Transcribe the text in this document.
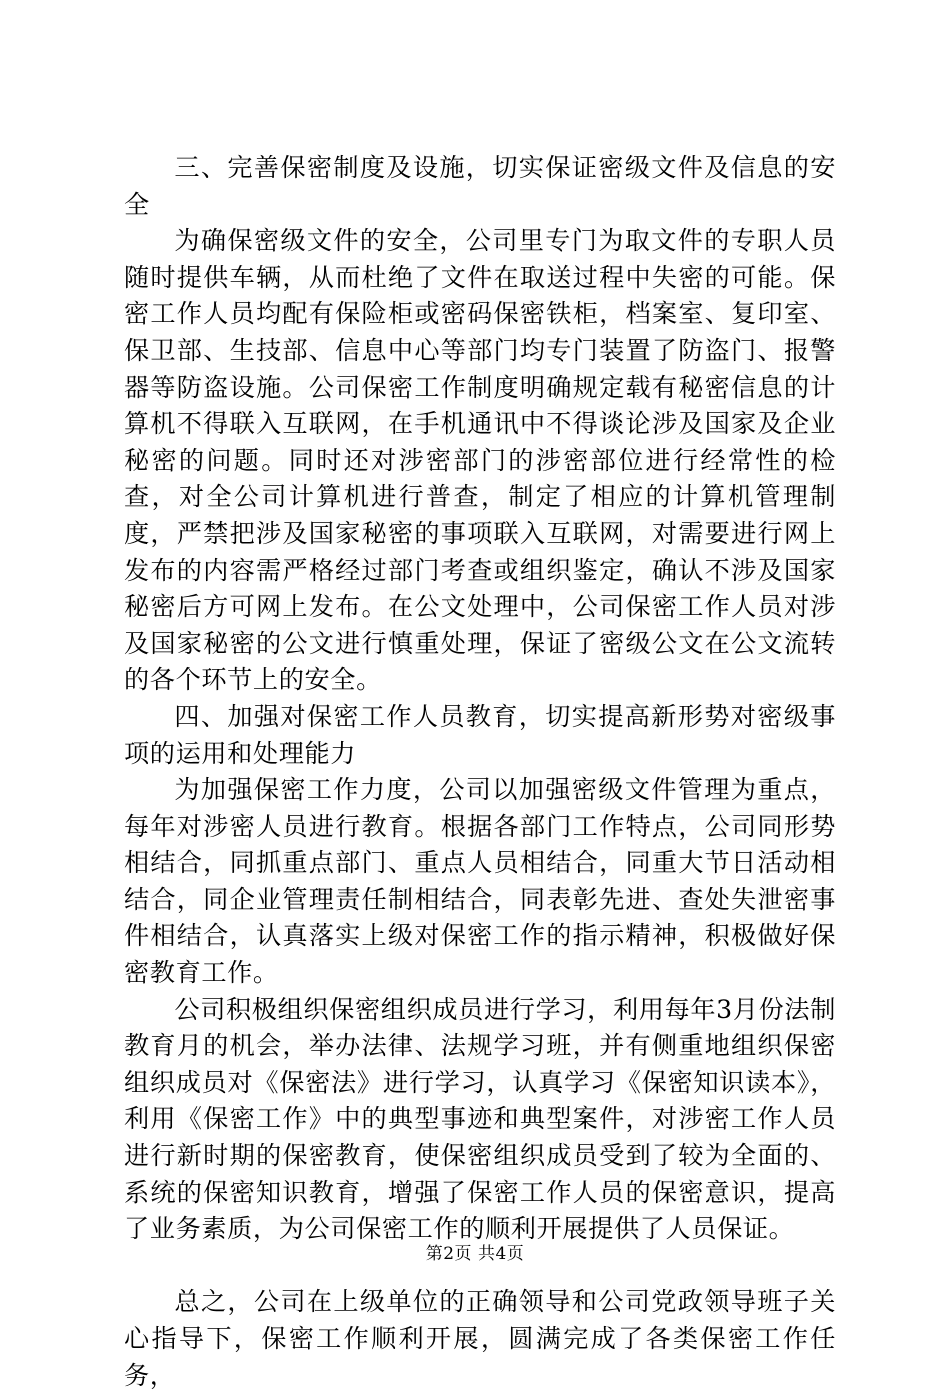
三、完善保密制度及设施，切实保证密级文件及信息的安全

为确保密级文件的安全，公司里专门为取文件的专职人员随时提供车辆，从而杜绝了文件在取送过程中失密的可能。保密工作人员均配有保险柜或密码保密铁柜，档案室、复印室、保卫部、生技部、信息中心等部门均专门装置了防盗门、报警器等防盗设施。公司保密工作制度明确规定载有秘密信息的计算机不得联入互联网，在手机通讯中不得谈论涉及国家及企业秘密的问题。同时还对涉密部门的涉密部位进行经常性的检查，对全公司计算机进行普查，制定了相应的计算机管理制度，严禁把涉及国家秘密的事项联入互联网，对需要进行网上发布的内容需严格经过部门考查或组织鉴定，确认不涉及国家秘密后方可网上发布。在公文处理中，公司保密工作人员对涉及国家秘密的公文进行慎重处理，保证了密级公文在公文流转的各个环节上的安全。

四、加强对保密工作人员教育，切实提高新形势对密级事项的运用和处理能力

为加强保密工作力度，公司以加强密级文件管理为重点，每年对涉密人员进行教育。根据各部门工作特点，公司同形势相结合，同抓重点部门、重点人员相结合，同重大节日活动相结合，同企业管理责任制相结合，同表彰先进、查处失泄密事件相结合，认真落实上级对保密工作的指示精神，积极做好保密教育工作。

公司积极组织保密组织成员进行学习，利用每年3月份法制教育月的机会，举办法律、法规学习班，并有侧重地组织保密组织成员对《保密法》进行学习，认真学习《保密知识读本》，利用《保密工作》中的典型事迹和典型案件，对涉密工作人员进行新时期的保密教育，使保密组织成员受到了较为全面的、系统的保密知识教育，增强了保密工作人员的保密意识，提高了业务素质，为公司保密工作的顺利开展提供了人员保证。

总之，公司在上级单位的正确领导和公司党政领导班子关心指导下，保密工作顺利开展，圆满完成了各类保密工作任务，

第2页 共4页
